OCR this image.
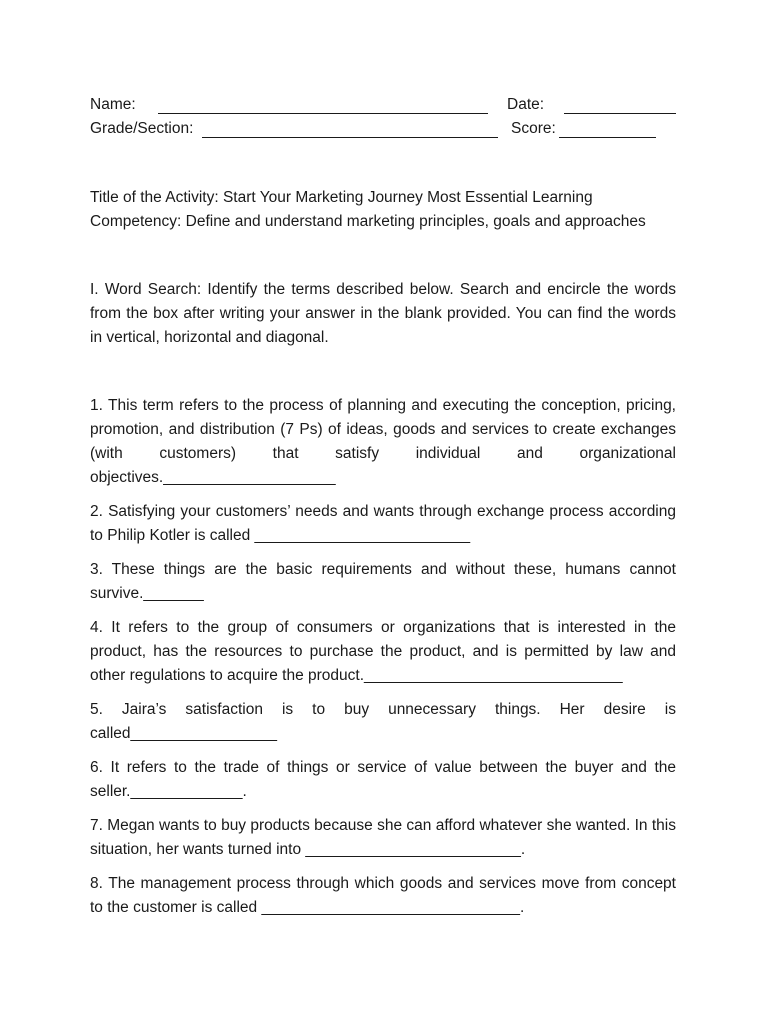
Name:	Date:
Grade/Section:	Score:
Title of the Activity: Start Your Marketing Journey Most Essential Learning Competency: Define and understand marketing principles, goals and approaches
I. Word Search: Identify the terms described below. Search and encircle the words from the box after writing your answer in the blank provided. You can find the words in vertical, horizontal and diagonal.
1. This term refers to the process of planning and executing the conception, pricing, promotion, and distribution (7 Ps) of ideas, goods and services to create exchanges (with customers) that satisfy individual and organizational objectives.____________________
2. Satisfying your customers’ needs and wants through exchange process according to Philip Kotler is called _________________________
3. These things are the basic requirements and without these, humans cannot survive._______
4. It refers to the group of consumers or organizations that is interested in the product, has the resources to purchase the product, and is permitted by law and other regulations to acquire the product.______________________________
5. Jaira’s satisfaction is to buy unnecessary things. Her desire is called_________________
6. It refers to the trade of things or service of value between the buyer and the seller._____________.
7. Megan wants to buy products because she can afford whatever she wanted. In this situation, her wants turned into _________________________.
8. The management process through which goods and services move from concept to the customer is called ______________________________.
